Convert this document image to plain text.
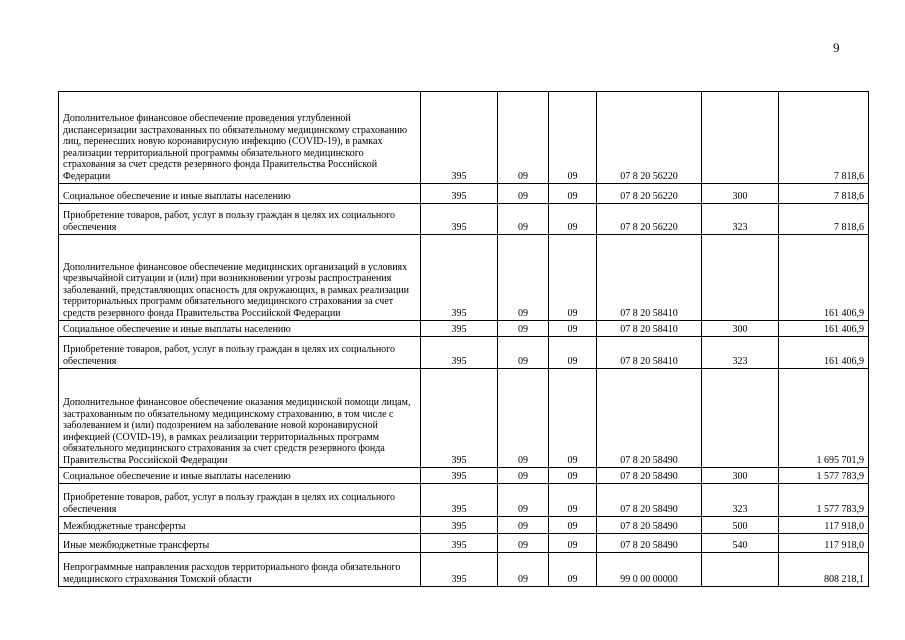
9
Дополнительное финансовое обеспечение проведения углубленной диспансеризации застрахованных по обязательному медицинскому страхованию лиц, перенесших новую коронавирусную инфекцию (COVID-19), в рамках реализации территориальной программы обязательного медицинского страхования за счет средств резервного фонда Правительства Российской Федерации	395	09	09	07 8 20 56220		7 818,6
Социальное обеспечение и иные выплаты населению	395	09	09	07 8 20 56220	300	7 818,6
Приобретение товаров, работ, услуг в пользу граждан в целях их социального обеспечения	395	09	09	07 8 20 56220	323	7 818,6
Дополнительное финансовое обеспечение медицинских организаций в условиях чрезвычайной ситуации и (или) при возникновении угрозы распространения заболеваний, представляющих опасность для окружающих, в рамках реализации территориальных программ обязательного медицинского страхования за счет средств резервного фонда Правительства Российской Федерации	395	09	09	07 8 20 58410		161 406,9
Социальное обеспечение и иные выплаты населению	395	09	09	07 8 20 58410	300	161 406,9
Приобретение товаров, работ, услуг в пользу граждан в целях их социального обеспечения	395	09	09	07 8 20 58410	323	161 406,9
Дополнительное финансовое обеспечение оказания медицинской помощи лицам, застрахованным по обязательному медицинскому страхованию, в том числе с заболеванием и (или) подозрением на заболевание новой коронавирусной инфекцией (COVID-19), в рамках реализации территориальных программ обязательного медицинского страхования за счет средств резервного фонда Правительства Российской Федерации	395	09	09	07 8 20 58490		1 695 701,9
Социальное обеспечение и иные выплаты населению	395	09	09	07 8 20 58490	300	1 577 783,9
Приобретение товаров, работ, услуг в пользу граждан в целях их социального обеспечения	395	09	09	07 8 20 58490	323	1 577 783,9
Межбюджетные трансферты	395	09	09	07 8 20 58490	500	117 918,0
Иные межбюджетные трансферты	395	09	09	07 8 20 58490	540	117 918,0
Непрограммные направления расходов территориального фонда обязательного медицинского страхования Томской области	395	09	09	99 0 00 00000		808 218,1
